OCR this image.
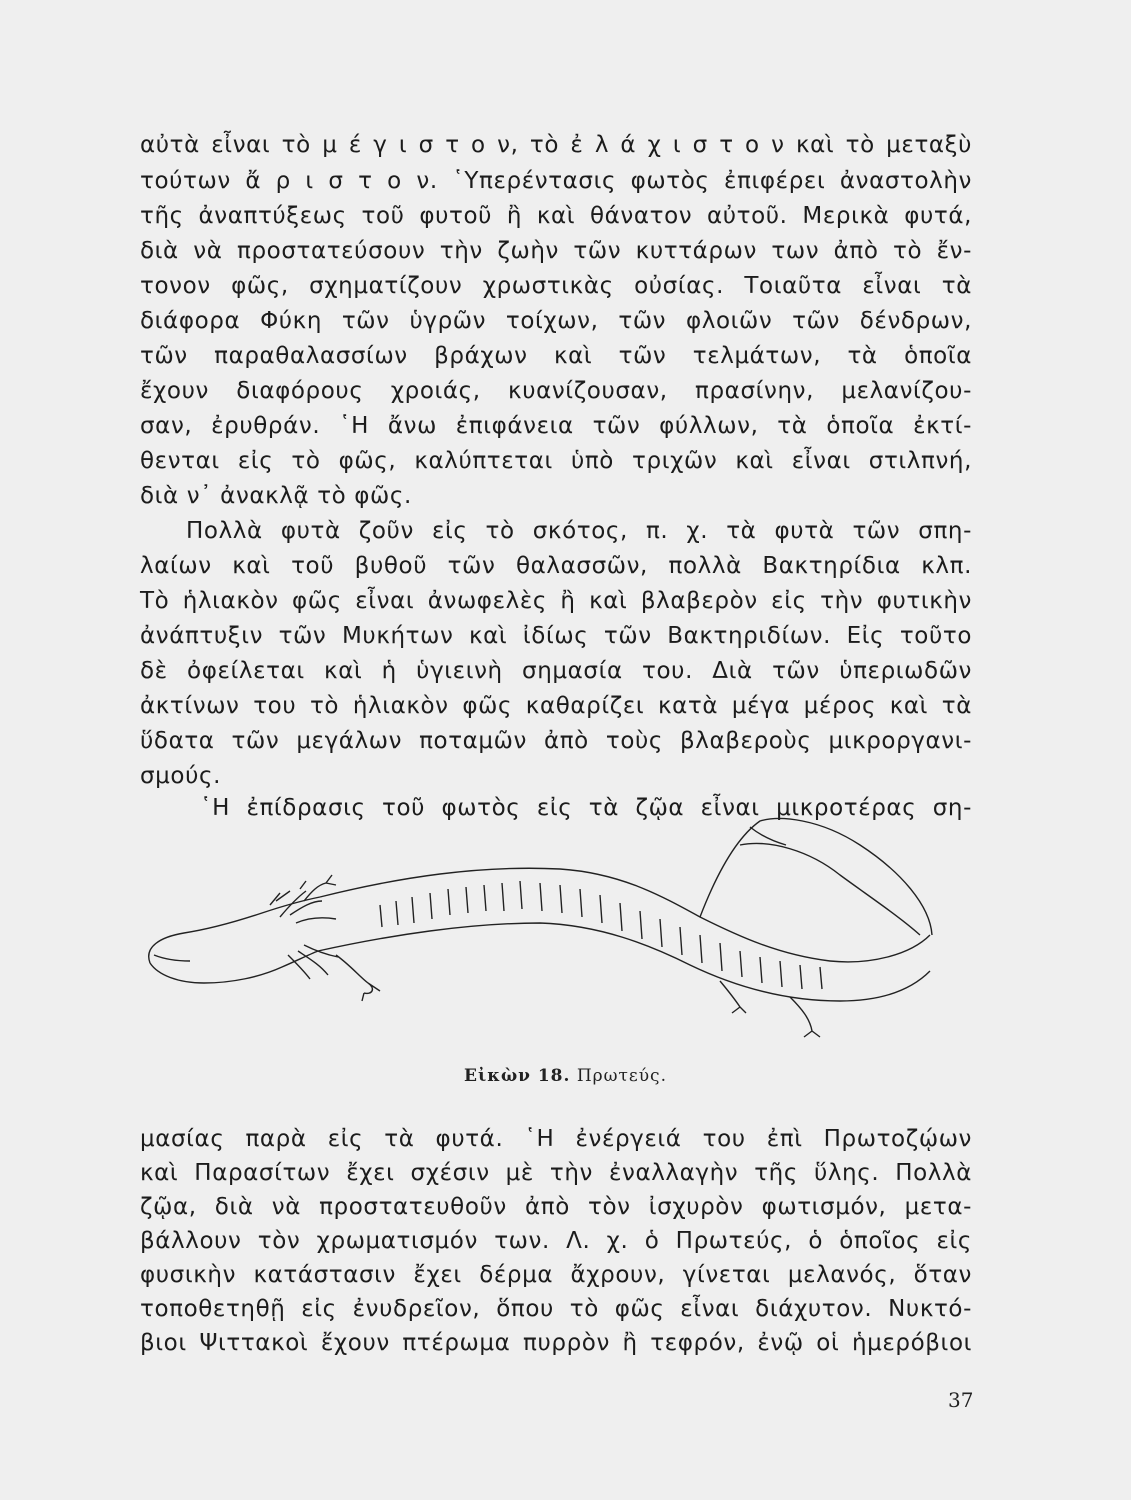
αὐτὰ εἶναι τὸ μ έ γ ι σ τ ο ν, τὸ ἐ λ ά χ ι σ τ ο ν καὶ τὸ μεταξὺ
τούτων ἄ ρ ι σ τ ο ν. ῾Υπερέντασις φωτὸς ἐπιφέρει ἀναστολὴν
τῆς ἀναπτύξεως τοῦ φυτοῦ ἢ καὶ θάνατον αὐτοῦ. Μερικὰ φυτά,
διὰ νὰ προστατεύσουν τὴν ζωὴν τῶν κυττάρων των ἀπὸ τὸ ἔν-
τονον φῶς, σχηματίζουν χρωστικὰς οὐσίας. Τοιαῦτα εἶναι τὰ
διάφορα Φύκη τῶν ὑγρῶν τοίχων, τῶν φλοιῶν τῶν δένδρων,
τῶν παραθαλασσίων βράχων καὶ τῶν τελμάτων, τὰ ὁποῖα
ἔχουν διαφόρους χροιάς, κυανίζουσαν, πρασίνην, μελανίζου-
σαν, ἐρυθράν. ῾Η ἄνω ἐπιφάνεια τῶν φύλλων, τὰ ὁποῖα ἐκτί-
θενται εἰς τὸ φῶς, καλύπτεται ὑπὸ τριχῶν καὶ εἶναι στιλπνή,
διὰ ν᾿ ἀνακλᾷ τὸ φῶς.
Πολλὰ φυτὰ ζοῦν εἰς τὸ σκότος, π. χ. τὰ φυτὰ τῶν σπη-
λαίων καὶ τοῦ βυθοῦ τῶν θαλασσῶν, πολλὰ Βακτηρίδια κλπ.
Τὸ ἡλιακὸν φῶς εἶναι ἀνωφελὲς ἢ καὶ βλαβερὸν εἰς τὴν φυτικὴν
ἀνάπτυξιν τῶν Μυκήτων καὶ ἰδίως τῶν Βακτηριδίων. Εἰς τοῦτο
δὲ ὀφείλεται καὶ ἡ ὑγιεινὴ σημασία του. Διὰ τῶν ὑπεριωδῶν
ἀκτίνων του τὸ ἡλιακὸν φῶς καθαρίζει κατὰ μέγα μέρος καὶ τὰ
ὕδατα τῶν μεγάλων ποταμῶν ἀπὸ τοὺς βλαβεροὺς μικροργανι-
σμούς.
῾Η ἐπίδρασις τοῦ φωτὸς εἰς τὰ ζῷα εἶναι μικροτέρας ση-
Εἰκὼν 18. Πρωτεύς.
μασίας παρὰ εἰς τὰ φυτά. ῾Η ἐνέργειά του ἐπὶ Πρωτοζῴων
καὶ Παρασίτων ἔχει σχέσιν μὲ τὴν ἐναλλαγὴν τῆς ὕλης. Πολλὰ
ζῷα, διὰ νὰ προστατευθοῦν ἀπὸ τὸν ἰσχυρὸν φωτισμόν, μετα-
βάλλουν τὸν χρωματισμόν των. Λ. χ. ὁ Πρωτεύς, ὁ ὁποῖος εἰς
φυσικὴν κατάστασιν ἔχει δέρμα ἄχρουν, γίνεται μελανός, ὅταν
τοποθετηθῇ εἰς ἐνυδρεῖον, ὅπου τὸ φῶς εἶναι διάχυτον. Νυκτό-
βιοι Ψιττακοὶ ἔχουν πτέρωμα πυρρὸν ἢ τεφρόν, ἐνῷ οἱ ἡμερόβιοι
37
